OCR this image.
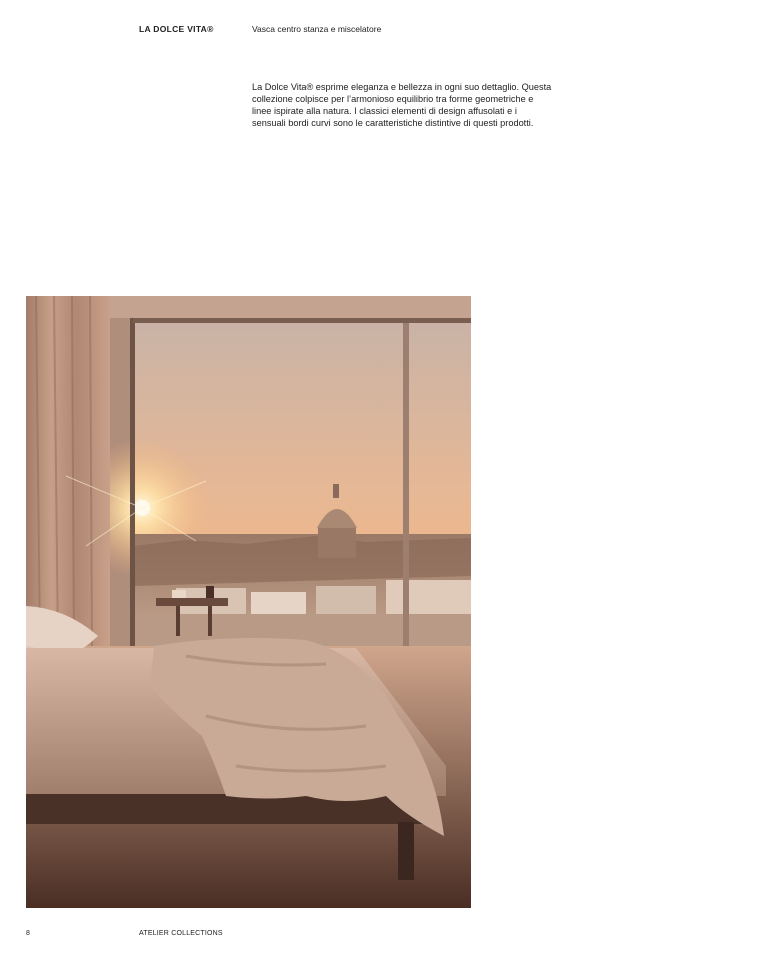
LA DOLCE VITA®	Vasca centro stanza e miscelatore

La Dolce Vita® esprime eleganza e bellezza in ogni suo dettaglio. Questa collezione colpisce per l’armonioso equilibrio tra forme geometriche e linee ispirate alla natura. I classici elementi di design affusolati e i sensuali bordi curvi sono le caratteristiche distintive di questi prodotti.

8	ATELIER COLLECTIONS
